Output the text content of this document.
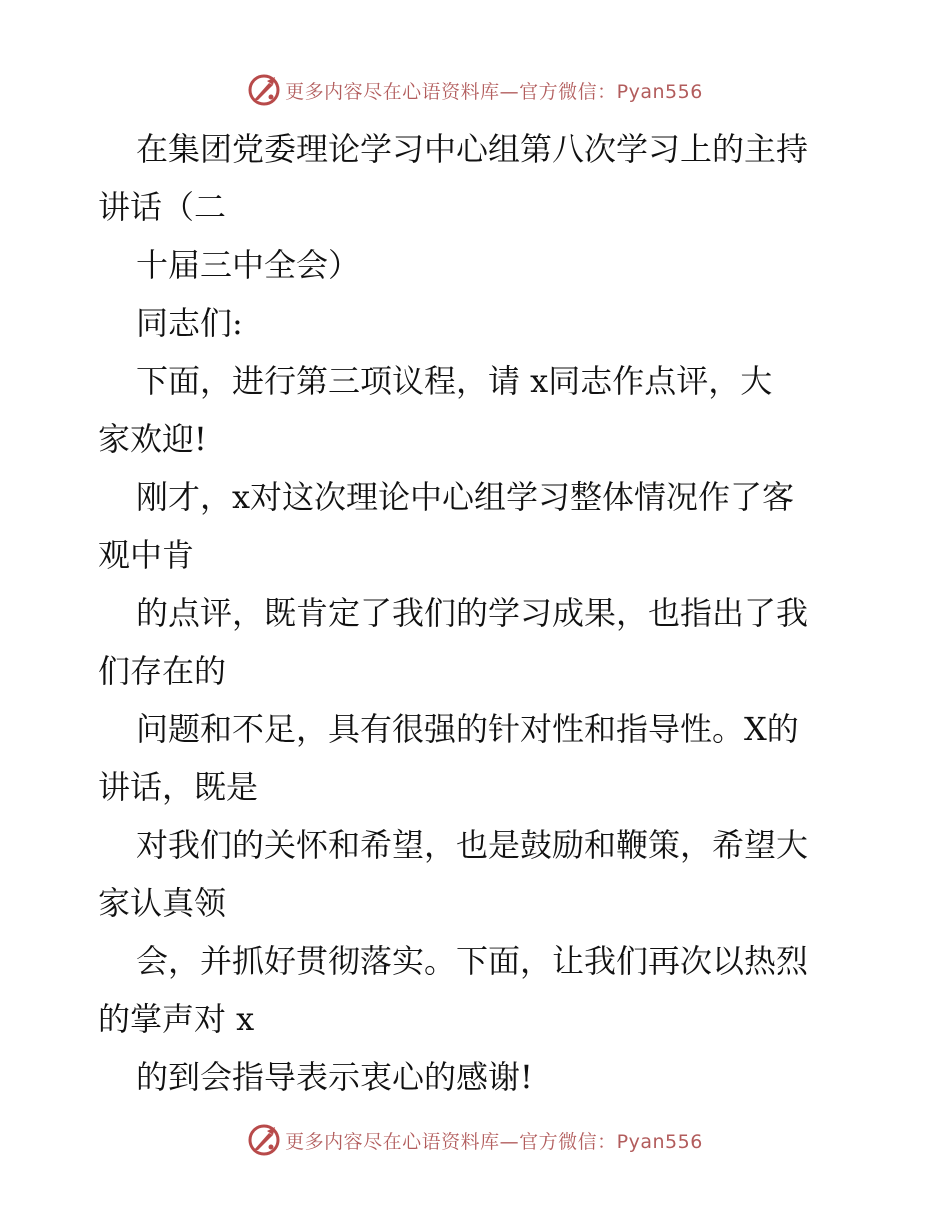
更多内容尽在心语资料库—官方微信：Pyan556
在集团党委理论学习中心组第八次学习上的主持
讲话（二
十届三中全会）
同志们:
下面，进行第三项议程，请 x同志作点评，大
家欢迎!
刚才，x对这次理论中心组学习整体情况作了客
观中肯
的点评，既肯定了我们的学习成果，也指出了我
们存在的
问题和不足，具有很强的针对性和指导性。X的
讲话，既是
对我们的关怀和希望，也是鼓励和鞭策，希望大
家认真领
会，并抓好贯彻落实。下面，让我们再次以热烈
的掌声对 x
的到会指导表示衷心的感谢!
更多内容尽在心语资料库—官方微信：Pyan556
